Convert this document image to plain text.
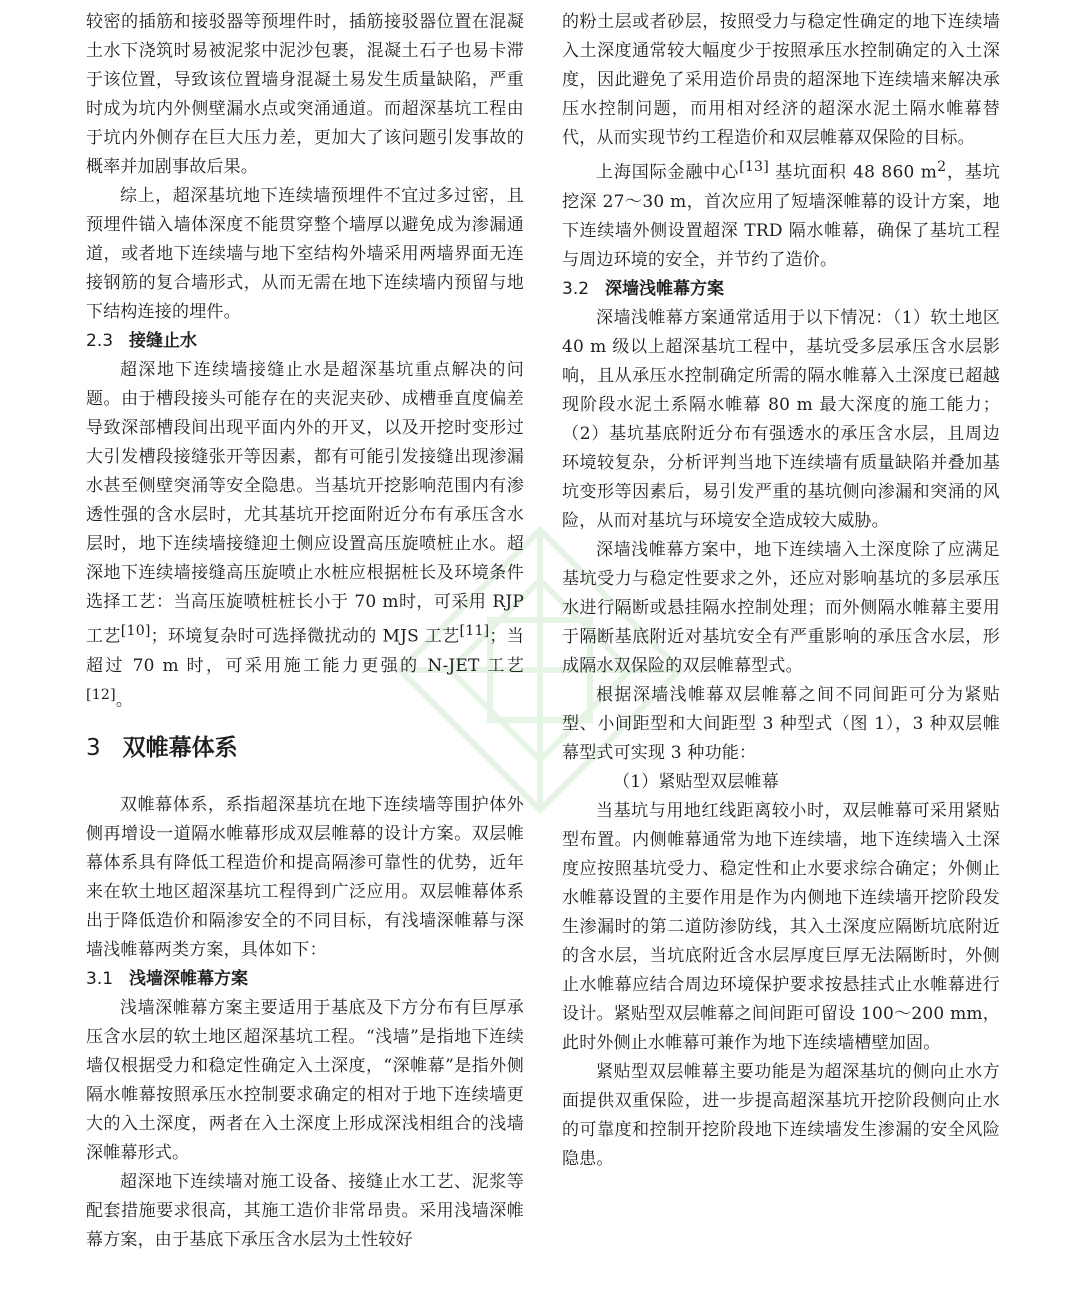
较密的插筋和接驳器等预埋件时，插筋接驳器位置在混凝土水下浇筑时易被泥浆中泥沙包裹，混凝土石子也易卡滞于该位置，导致该位置墙身混凝土易发生质量缺陷，严重时成为坑内外侧壁漏水点或突涌通道。而超深基坑工程由于坑内外侧存在巨大压力差，更加大了该问题引发事故的概率并加剧事故后果。

综上，超深基坑地下连续墙预埋件不宜过多过密，且预埋件锚入墙体深度不能贯穿整个墙厚以避免成为渗漏通道，或者地下连续墙与地下室结构外墙采用两墙界面无连接钢筋的复合墙形式，从而无需在地下连续墙内预留与地下结构连接的埋件。

2.3 接缝止水

超深地下连续墙接缝止水是超深基坑重点解决的问题。由于槽段接头可能存在的夹泥夹砂、成槽垂直度偏差导致深部槽段间出现平面内外的开叉，以及开挖时变形过大引发槽段接缝张开等因素，都有可能引发接缝出现渗漏水甚至侧壁突涌等安全隐患。当基坑开挖影响范围内有渗透性强的含水层时，尤其基坑开挖面附近分布有承压含水层时，地下连续墙接缝迎土侧应设置高压旋喷桩止水。超深地下连续墙接缝高压旋喷止水桩应根据桩长及环境条件选择工艺：当高压旋喷桩桩长小于 70 m时，可采用 RJP 工艺[10]；环境复杂时可选择微扰动的 MJS 工艺[11]；当超过 70 m 时，可采用施工能力更强的 N-JET 工艺[12]。

3 双帷幕体系

双帷幕体系，系指超深基坑在地下连续墙等围护体外侧再增设一道隔水帷幕形成双层帷幕的设计方案。双层帷幕体系具有降低工程造价和提高隔渗可靠性的优势，近年来在软土地区超深基坑工程得到广泛应用。双层帷幕体系出于降低造价和隔渗安全的不同目标，有浅墙深帷幕与深墙浅帷幕两类方案，具体如下：

3.1 浅墙深帷幕方案

浅墙深帷幕方案主要适用于基底及下方分布有巨厚承压含水层的软土地区超深基坑工程。“浅墙”是指地下连续墙仅根据受力和稳定性确定入土深度，“深帷幕”是指外侧隔水帷幕按照承压水控制要求确定的相对于地下连续墙更大的入土深度，两者在入土深度上形成深浅相组合的浅墙深帷幕形式。

超深地下连续墙对施工设备、接缝止水工艺、泥浆等配套措施要求很高，其施工造价非常昂贵。采用浅墙深帷幕方案，由于基底下承压含水层为土性较好

的粉土层或者砂层，按照受力与稳定性确定的地下连续墙入土深度通常较大幅度少于按照承压水控制确定的入土深度，因此避免了采用造价昂贵的超深地下连续墙来解决承压水控制问题，而用相对经济的超深水泥土隔水帷幕替代，从而实现节约工程造价和双层帷幕双保险的目标。

上海国际金融中心[13] 基坑面积 48 860 $m^2$，基坑挖深 27～30 m，首次应用了短墙深帷幕的设计方案，地下连续墙外侧设置超深 TRD 隔水帷幕，确保了基坑工程与周边环境的安全，并节约了造价。

3.2 深墙浅帷幕方案

深墙浅帷幕方案通常适用于以下情况：（1）软土地区 40 m 级以上超深基坑工程中，基坑受多层承压含水层影响，且从承压水控制确定所需的隔水帷幕入土深度已超越现阶段水泥土系隔水帷幕 80 m 最大深度的施工能力；（2）基坑基底附近分布有强透水的承压含水层，且周边环境较复杂，分析评判当地下连续墙有质量缺陷并叠加基坑变形等因素后，易引发严重的基坑侧向渗漏和突涌的风险，从而对基坑与环境安全造成较大威胁。

深墙浅帷幕方案中，地下连续墙入土深度除了应满足基坑受力与稳定性要求之外，还应对影响基坑的多层承压水进行隔断或悬挂隔水控制处理；而外侧隔水帷幕主要用于隔断基底附近对基坑安全有严重影响的承压含水层，形成隔水双保险的双层帷幕型式。

根据深墙浅帷幕双层帷幕之间不同间距可分为紧贴型、小间距型和大间距型 3 种型式（图 1），3 种双层帷幕型式可实现 3 种功能：

（1）紧贴型双层帷幕

当基坑与用地红线距离较小时，双层帷幕可采用紧贴型布置。内侧帷幕通常为地下连续墙，地下连续墙入土深度应按照基坑受力、稳定性和止水要求综合确定；外侧止水帷幕设置的主要作用是作为内侧地下连续墙开挖阶段发生渗漏时的第二道防渗防线，其入土深度应隔断坑底附近的含水层，当坑底附近含水层厚度巨厚无法隔断时，外侧止水帷幕应结合周边环境保护要求按悬挂式止水帷幕进行设计。紧贴型双层帷幕之间间距可留设 100～200 mm，此时外侧止水帷幕可兼作为地下连续墙槽壁加固。

紧贴型双层帷幕主要功能是为超深基坑的侧向止水方面提供双重保险，进一步提高超深基坑开挖阶段侧向止水的可靠度和控制开挖阶段地下连续墙发生渗漏的安全风险隐患。
